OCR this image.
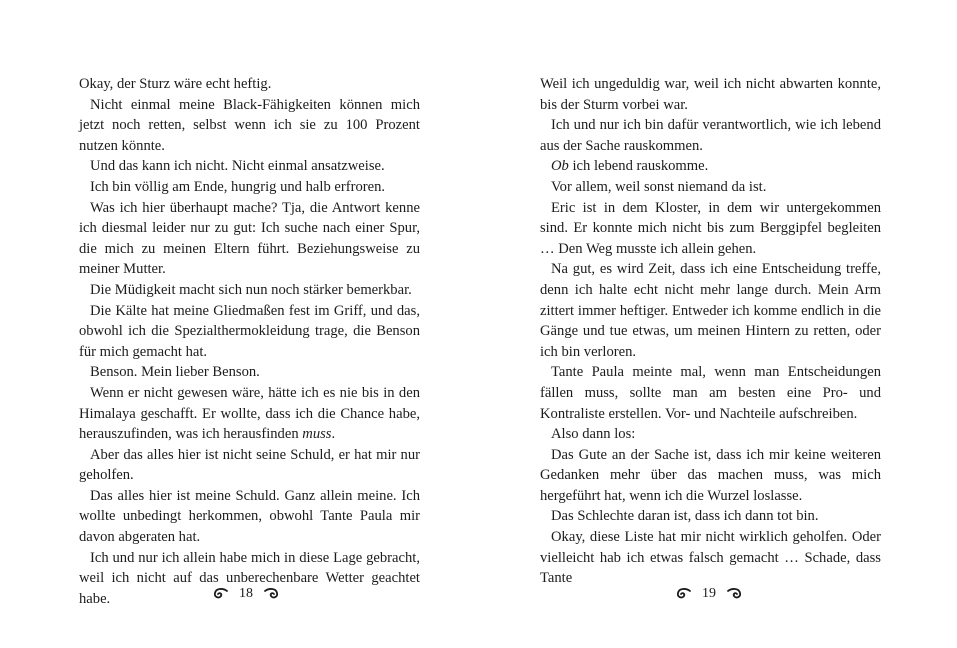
Okay, der Sturz wäre echt heftig.

Nicht einmal meine Black-Fähigkeiten können mich jetzt noch retten, selbst wenn ich sie zu 100 Prozent nutzen könnte.

Und das kann ich nicht. Nicht einmal ansatzweise.

Ich bin völlig am Ende, hungrig und halb erfroren.

Was ich hier überhaupt mache? Tja, die Antwort kenne ich diesmal leider nur zu gut: Ich suche nach einer Spur, die mich zu meinen Eltern führt. Beziehungsweise zu meiner Mutter.

Die Müdigkeit macht sich nun noch stärker bemerkbar.

Die Kälte hat meine Gliedmaßen fest im Griff, und das, obwohl ich die Spezialthermokleidung trage, die Benson für mich gemacht hat.

Benson. Mein lieber Benson.

Wenn er nicht gewesen wäre, hätte ich es nie bis in den Himalaya geschafft. Er wollte, dass ich die Chance habe, herauszufinden, was ich herausfinden muss.

Aber das alles hier ist nicht seine Schuld, er hat mir nur geholfen.

Das alles hier ist meine Schuld. Ganz allein meine. Ich wollte unbedingt herkommen, obwohl Tante Paula mir davon abgeraten hat.

Ich und nur ich allein habe mich in diese Lage gebracht, weil ich nicht auf das unberechenbare Wetter geachtet habe.

Weil ich ungeduldig war, weil ich nicht abwarten konnte, bis der Sturm vorbei war.

Ich und nur ich bin dafür verantwortlich, wie ich lebend aus der Sache rauskommen.

Ob ich lebend rauskomme.

Vor allem, weil sonst niemand da ist.

Eric ist in dem Kloster, in dem wir untergekommen sind. Er konnte mich nicht bis zum Berggipfel begleiten … Den Weg musste ich allein gehen.

Na gut, es wird Zeit, dass ich eine Entscheidung treffe, denn ich halte echt nicht mehr lange durch. Mein Arm zittert immer heftiger. Entweder ich komme endlich in die Gänge und tue etwas, um meinen Hintern zu retten, oder ich bin verloren.

Tante Paula meinte mal, wenn man Entscheidungen fällen muss, sollte man am besten eine Pro- und Kontraliste erstellen. Vor- und Nachteile aufschreiben.

Also dann los:

Das Gute an der Sache ist, dass ich mir keine weiteren Gedanken mehr über das machen muss, was mich hergeführt hat, wenn ich die Wurzel loslasse.

Das Schlechte daran ist, dass ich dann tot bin.

Okay, diese Liste hat mir nicht wirklich geholfen. Oder vielleicht hab ich etwas falsch gemacht … Schade, dass Tante

18	19
